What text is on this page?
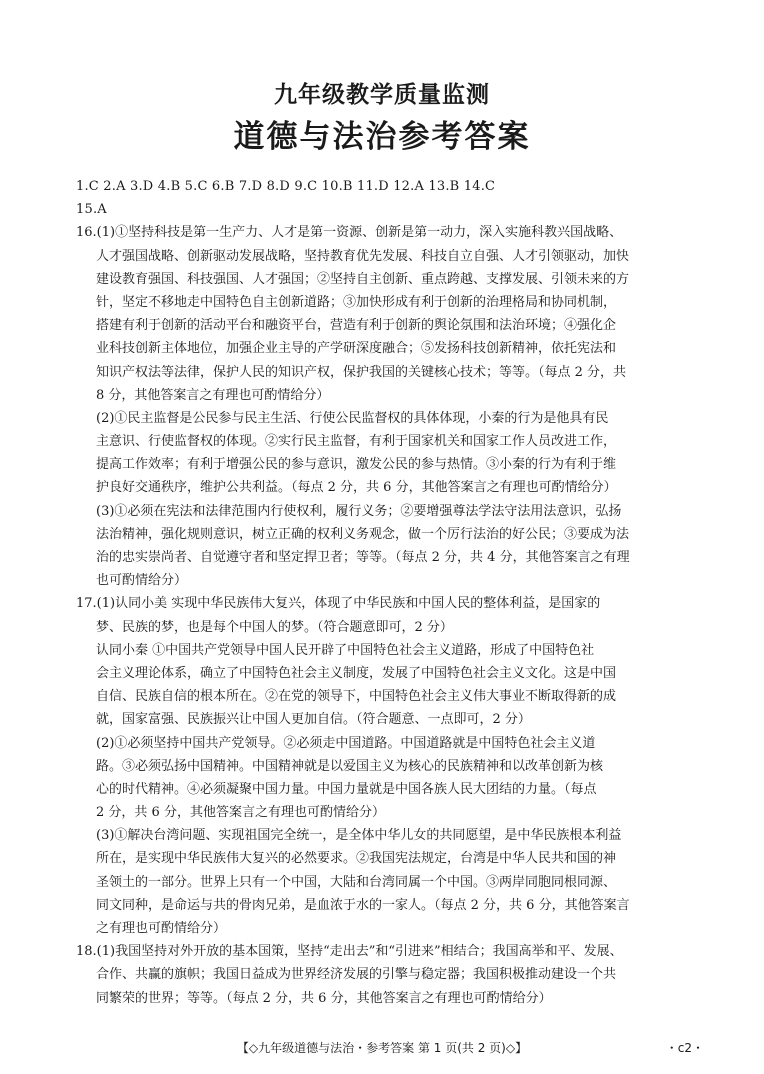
九年级教学质量监测
道德与法治参考答案
1.C 2.A 3.D 4.B 5.C 6.B 7.D 8.D 9.C 10.B 11.D 12.A 13.B 14.C
15.A
16.(1)①坚持科技是第一生产力、人才是第一资源、创新是第一动力，深入实施科教兴国战略、
人才强国战略、创新驱动发展战略，坚持教育优先发展、科技自立自强、人才引领驱动，加快
建设教育强国、科技强国、人才强国；②坚持自主创新、重点跨越、支撑发展、引领未来的方
针，坚定不移地走中国特色自主创新道路；③加快形成有利于创新的治理格局和协同机制，
搭建有利于创新的活动平台和融资平台，营造有利于创新的舆论氛围和法治环境；④强化企
业科技创新主体地位，加强企业主导的产学研深度融合；⑤发扬科技创新精神，依托宪法和
知识产权法等法律，保护人民的知识产权，保护我国的关键核心技术；等等。（每点 2 分，共
8 分，其他答案言之有理也可酌情给分）
(2)①民主监督是公民参与民主生活、行使公民监督权的具体体现，小秦的行为是他具有民
主意识、行使监督权的体现。②实行民主监督，有利于国家机关和国家工作人员改进工作，
提高工作效率；有利于增强公民的参与意识，激发公民的参与热情。③小秦的行为有利于维
护良好交通秩序，维护公共利益。（每点 2 分，共 6 分，其他答案言之有理也可酌情给分）
(3)①必须在宪法和法律范围内行使权利，履行义务；②要增强尊法学法守法用法意识，弘扬
法治精神，强化规则意识，树立正确的权利义务观念，做一个厉行法治的好公民；③要成为法
治的忠实崇尚者、自觉遵守者和坚定捍卫者；等等。（每点 2 分，共 4 分，其他答案言之有理
也可酌情给分）
17.(1)认同小美 实现中华民族伟大复兴，体现了中华民族和中国人民的整体利益，是国家的
梦、民族的梦，也是每个中国人的梦。（符合题意即可，2 分）
认同小秦 ①中国共产党领导中国人民开辟了中国特色社会主义道路，形成了中国特色社
会主义理论体系，确立了中国特色社会主义制度，发展了中国特色社会主义文化。这是中国
自信、民族自信的根本所在。②在党的领导下，中国特色社会主义伟大事业不断取得新的成
就，国家富强、民族振兴让中国人更加自信。（符合题意、一点即可，2 分）
(2)①必须坚持中国共产党领导。②必须走中国道路。中国道路就是中国特色社会主义道
路。③必须弘扬中国精神。中国精神就是以爱国主义为核心的民族精神和以改革创新为核
心的时代精神。④必须凝聚中国力量。中国力量就是中国各族人民大团结的力量。（每点
2 分，共 6 分，其他答案言之有理也可酌情给分）
(3)①解决台湾问题、实现祖国完全统一，是全体中华儿女的共同愿望，是中华民族根本利益
所在，是实现中华民族伟大复兴的必然要求。②我国宪法规定，台湾是中华人民共和国的神
圣领土的一部分。世界上只有一个中国，大陆和台湾同属一个中国。③两岸同胞同根同源、
同文同种，是命运与共的骨肉兄弟，是血浓于水的一家人。（每点 2 分，共 6 分，其他答案言
之有理也可酌情给分）
18.(1)我国坚持对外开放的基本国策，坚持“走出去”和“引进来”相结合；我国高举和平、发展、
合作、共赢的旗帜；我国日益成为世界经济发展的引擎与稳定器；我国积极推动建设一个共
同繁荣的世界；等等。（每点 2 分，共 6 分，其他答案言之有理也可酌情给分）
【◇九年级道德与法治・参考答案 第 1 页(共 2 页)◇】	・c2・
